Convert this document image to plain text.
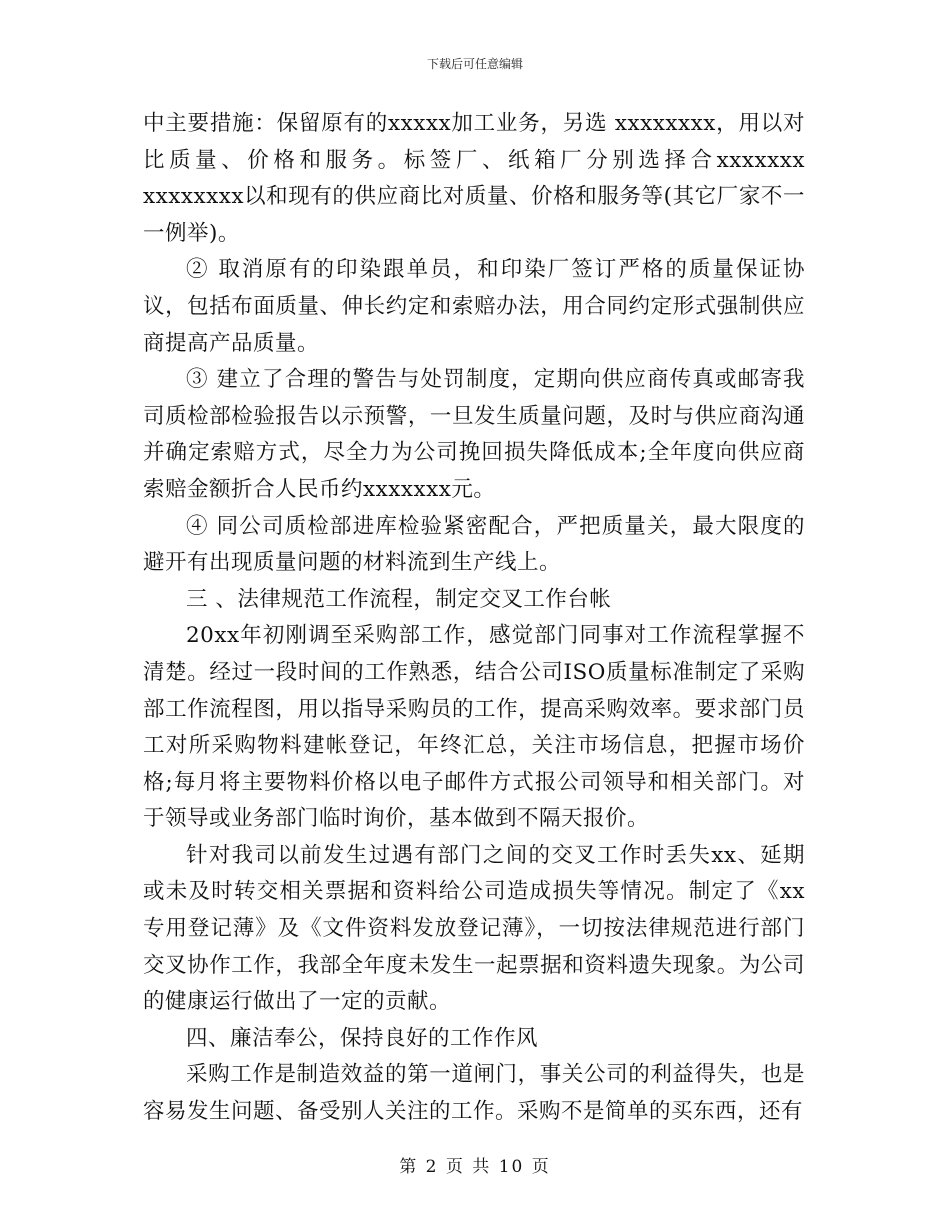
下载后可任意编辑

中主要措施：保留原有的xxxxx加工业务，另选 xxxxxxxx，用以对比质量、价格和服务。标签厂、纸箱厂分别选择合xxxxxxx xxxxxxxx以和现有的供应商比对质量、价格和服务等(其它厂家不一一例举)。

② 取消原有的印染跟单员，和印染厂签订严格的质量保证协议，包括布面质量、伸长约定和索赔办法，用合同约定形式强制供应商提高产品质量。

③ 建立了合理的警告与处罚制度，定期向供应商传真或邮寄我司质检部检验报告以示预警，一旦发生质量问题，及时与供应商沟通并确定索赔方式，尽全力为公司挽回损失降低成本;全年度向供应商索赔金额折合人民币约xxxxxxx元。

④ 同公司质检部进库检验紧密配合，严把质量关，最大限度的避开有出现质量问题的材料流到生产线上。

三 、法律规范工作流程，制定交叉工作台帐

20xx年初刚调至采购部工作，感觉部门同事对工作流程掌握不清楚。经过一段时间的工作熟悉，结合公司ISO质量标准制定了采购部工作流程图，用以指导采购员的工作，提高采购效率。要求部门员工对所采购物料建帐登记，年终汇总，关注市场信息，把握市场价格;每月将主要物料价格以电子邮件方式报公司领导和相关部门。对于领导或业务部门临时询价，基本做到不隔天报价。

针对我司以前发生过遇有部门之间的交叉工作时丢失xx、延期或未及时转交相关票据和资料给公司造成损失等情况。制定了《xx专用登记薄》及《文件资料发放登记薄》，一切按法律规范进行部门交叉协作工作，我部全年度未发生一起票据和资料遗失现象。为公司的健康运行做出了一定的贡献。

四、廉洁奉公，保持良好的工作作风

采购工作是制造效益的第一道闸门，事关公司的利益得失，也是容易发生问题、备受别人关注的工作。采购不是简单的买东西，还有

第 2 页 共 10 页
